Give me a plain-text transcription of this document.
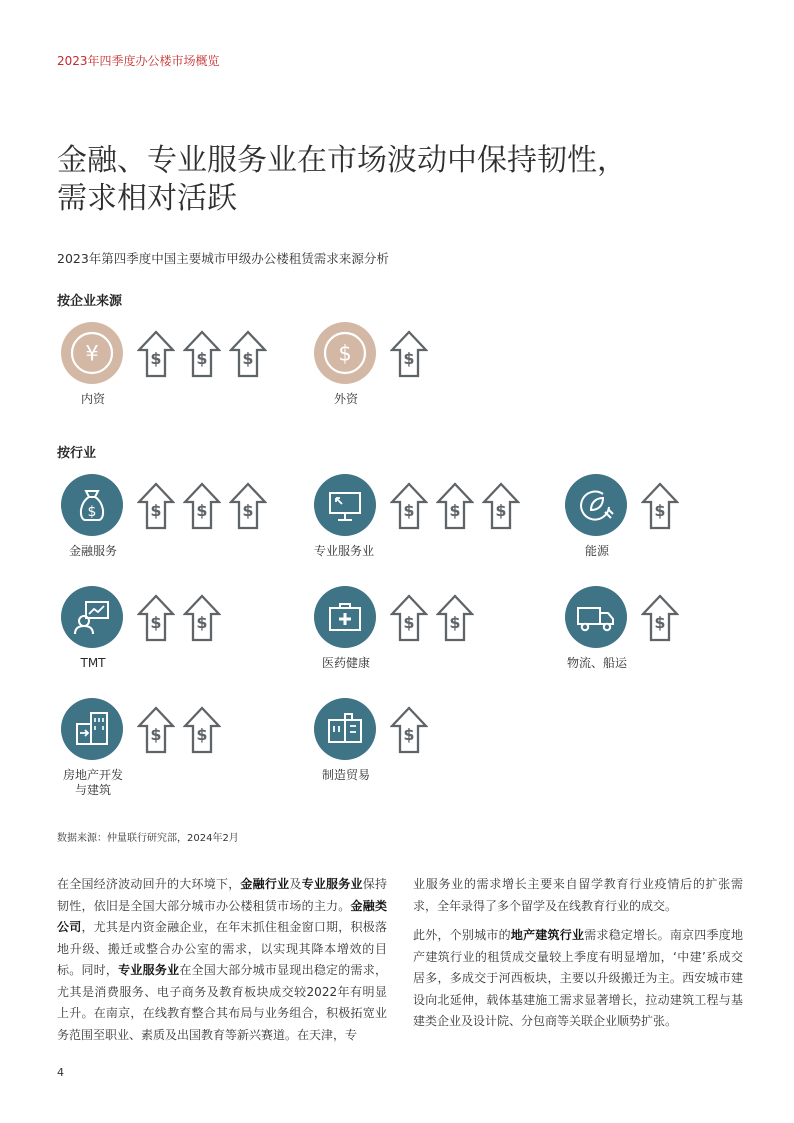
2023年四季度办公楼市场概览
金融、专业服务业在市场波动中保持韧性，
需求相对活跃
2023年第四季度中国主要城市甲级办公楼租赁需求来源分析
按企业来源
按行业
¥	$ $ $
内资
$	$
外资
$	$ $ $
金融服务
$ $ $
专业服务业
$
能源
$ $
TMT
$ $
医药健康
$
物流、船运
$ $
房地产开发
与建筑
$
制造贸易
数据来源：仲量联行研究部，2024年2月

在全国经济波动回升的大环境下，金融行业及专业服务业保持韧性，依旧是全国大部分城市办公楼租赁市场的主力。金融类公司，尤其是内资金融企业，在年末抓住租金窗口期，积极落地升级、搬迁或整合办公室的需求，以实现其降本增效的目标。同时，专业服务业在全国大部分城市显现出稳定的需求，尤其是消费服务、电子商务及教育板块成交较2022年有明显上升。在南京，在线教育整合其布局与业务组合，积极拓宽业务范围至职业、素质及出国教育等新兴赛道。在天津，专

业服务业的需求增长主要来自留学教育行业疫情后的扩张需求，全年录得了多个留学及在线教育行业的成交。

此外，个别城市的地产建筑行业需求稳定增长。南京四季度地产建筑行业的租赁成交量较上季度有明显增加，‘中建’系成交居多，多成交于河西板块，主要以升级搬迁为主。西安城市建设向北延伸，载体基建施工需求显著增长，拉动建筑工程与基建类企业及设计院、分包商等关联企业顺势扩张。

4
